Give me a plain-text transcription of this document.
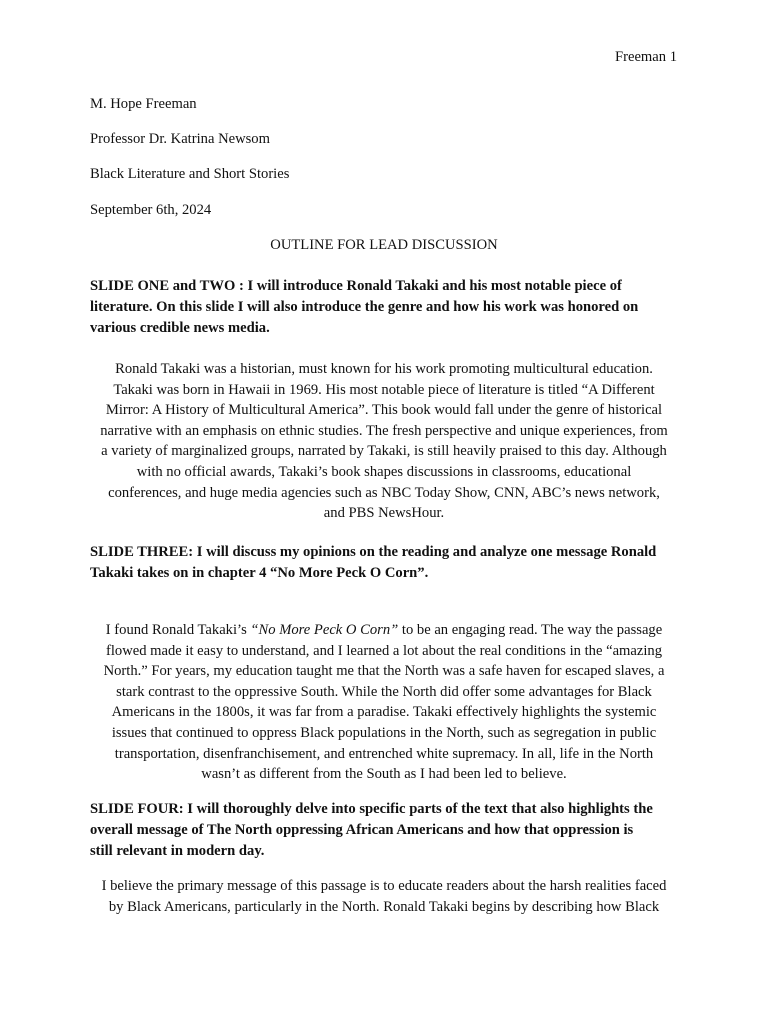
Freeman 1
M. Hope Freeman
Professor Dr. Katrina Newsom
Black Literature and Short Stories
September 6th, 2024
OUTLINE FOR LEAD DISCUSSION
SLIDE ONE and TWO : I will introduce Ronald Takaki and his most notable piece of
literature. On this slide I will also introduce the genre and how his work was honored on
various credible news media.
Ronald Takaki was a historian, must known for his work promoting multicultural education.
Takaki was born in Hawaii in 1969. His most notable piece of literature is titled “A Different
Mirror: A History of Multicultural America”. This book would fall under the genre of historical
narrative with an emphasis on ethnic studies. The fresh perspective and unique experiences, from
a variety of marginalized groups, narrated by Takaki, is still heavily praised to this day. Although
with no official awards, Takaki’s book shapes discussions in classrooms, educational
conferences, and huge media agencies such as NBC Today Show, CNN, ABC’s news network,
and PBS NewsHour.
SLIDE THREE: I will discuss my opinions on the reading and analyze one message Ronald
Takaki takes on in chapter 4 “No More Peck O Corn”.
I found Ronald Takaki’s “No More Peck O Corn” to be an engaging read. The way the passage
flowed made it easy to understand, and I learned a lot about the real conditions in the “amazing
North.” For years, my education taught me that the North was a safe haven for escaped slaves, a
stark contrast to the oppressive South. While the North did offer some advantages for Black
Americans in the 1800s, it was far from a paradise. Takaki effectively highlights the systemic
issues that continued to oppress Black populations in the North, such as segregation in public
transportation, disenfranchisement, and entrenched white supremacy. In all, life in the North
wasn’t as different from the South as I had been led to believe.
SLIDE FOUR: I will thoroughly delve into specific parts of the text that also highlights the
overall message of The North oppressing African Americans and how that oppression is
still relevant in modern day.
I believe the primary message of this passage is to educate readers about the harsh realities faced
by Black Americans, particularly in the North. Ronald Takaki begins by describing how Black
